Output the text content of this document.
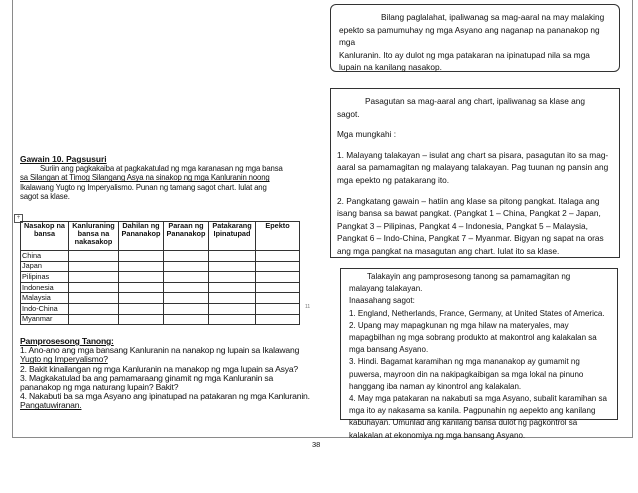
Bilang paglalahat, ipaliwanag sa mag-aaral na may malaking

epekto sa pamumuhay ng mga Asyano ang naganap na pananakop ng mga

Kanluranin. Ito ay dulot ng mga patakaran na ipinatupad nila sa mga

lupain na kanilang nasakop.

Pasagutan sa mag-aaral ang chart, ipaliwanag sa klase ang

sagot.

Mga mungkahi :

1. Malayang talakayan – isulat ang chart sa pisara, pasagutan ito sa mag-

aaral sa pamamagitan ng malayang talakayan. Pag tuunan ng pansin ang

mga epekto ng patakarang ito.

2. Pangkatang gawain – hatiin ang klase sa pitong pangkat. Italaga ang

isang bansa sa bawat pangkat. (Pangkat 1 – China, Pangkat 2 – Japan,

Pangkat 3 – Pilipinas, Pangkat 4 – Indonesia, Pangkat 5 – Malaysia,

Pangkat 6 – Indo-China, Pangkat 7 – Myanmar. Bigyan ng sapat na oras

ang mga pangkat na masagutan ang chart. Iulat ito sa klase.

Talakayin ang pamprosesong tanong sa pamamagitan ng

malayang talakayan.

Inaasahang sagot:

1. England, Netherlands, France, Germany, at United States of America.

2. Upang may mapagkunan ng mga hilaw na materyales, may

mapagbilhan ng mga sobrang produkto at makontrol ang kalakalan sa

mga bansang Asyano.

3. Hindi. Bagamat karamihan ng mga mananakop ay gumamit ng

puwersa, mayroon din na nakipagkaibigan sa mga lokal na pinuno

hanggang iba naman ay kinontrol ang kalakalan.

4. May mga patakaran na nakabuti sa mga Asyano, subalit karamihan sa

mga ito ay nakasama sa kanila. Pagpunahin ng aepekto ang kanilang

kabuhayan. Umunlad ang kanilang bansa dulot ng pagkontrol sa

kalakalan at ekonomiya ng mga bansang Asyano.

Gawain 10. Pagsusuri
Suriin ang pagkakaiba at pagkakatulad ng mga karanasan ng mga bansa
sa Silangan at Timog Silangang Asya na sinakop ng mga Kanluranin noong
Ikalawang Yugto ng Imperyalismo. Punan ng tamang sagot chart. Iulat ang
sagot sa klase.
+
Nasakop na bansa	Kanluraning bansa na nakasakop	Dahilan ng Pananakop	Paraan ng Pananakop	Patakarang Ipinatupad	Epekto
China					
Japan					
Pilipinas					
Indonesia					
Malaysia					
Indo-China					
Myanmar					
11
Pamprosesong Tanong:
1. Ano-ano ang mga bansang Kanluranin na nanakop ng lupain sa Ikalawang
Yugto ng Imperyalismo?
2. Bakit kinailangan ng mga Kanluranin na manakop ng mga lupain sa Asya?
3. Magkakatulad ba ang pamamaraang ginamit ng mga Kanluranin sa
pananakop ng mga naturang lupain? Bakit?
4. Nakabuti ba sa mga Asyano ang ipinatupad na patakaran ng mga Kanluranin.
Pangatuwiranan.
38
